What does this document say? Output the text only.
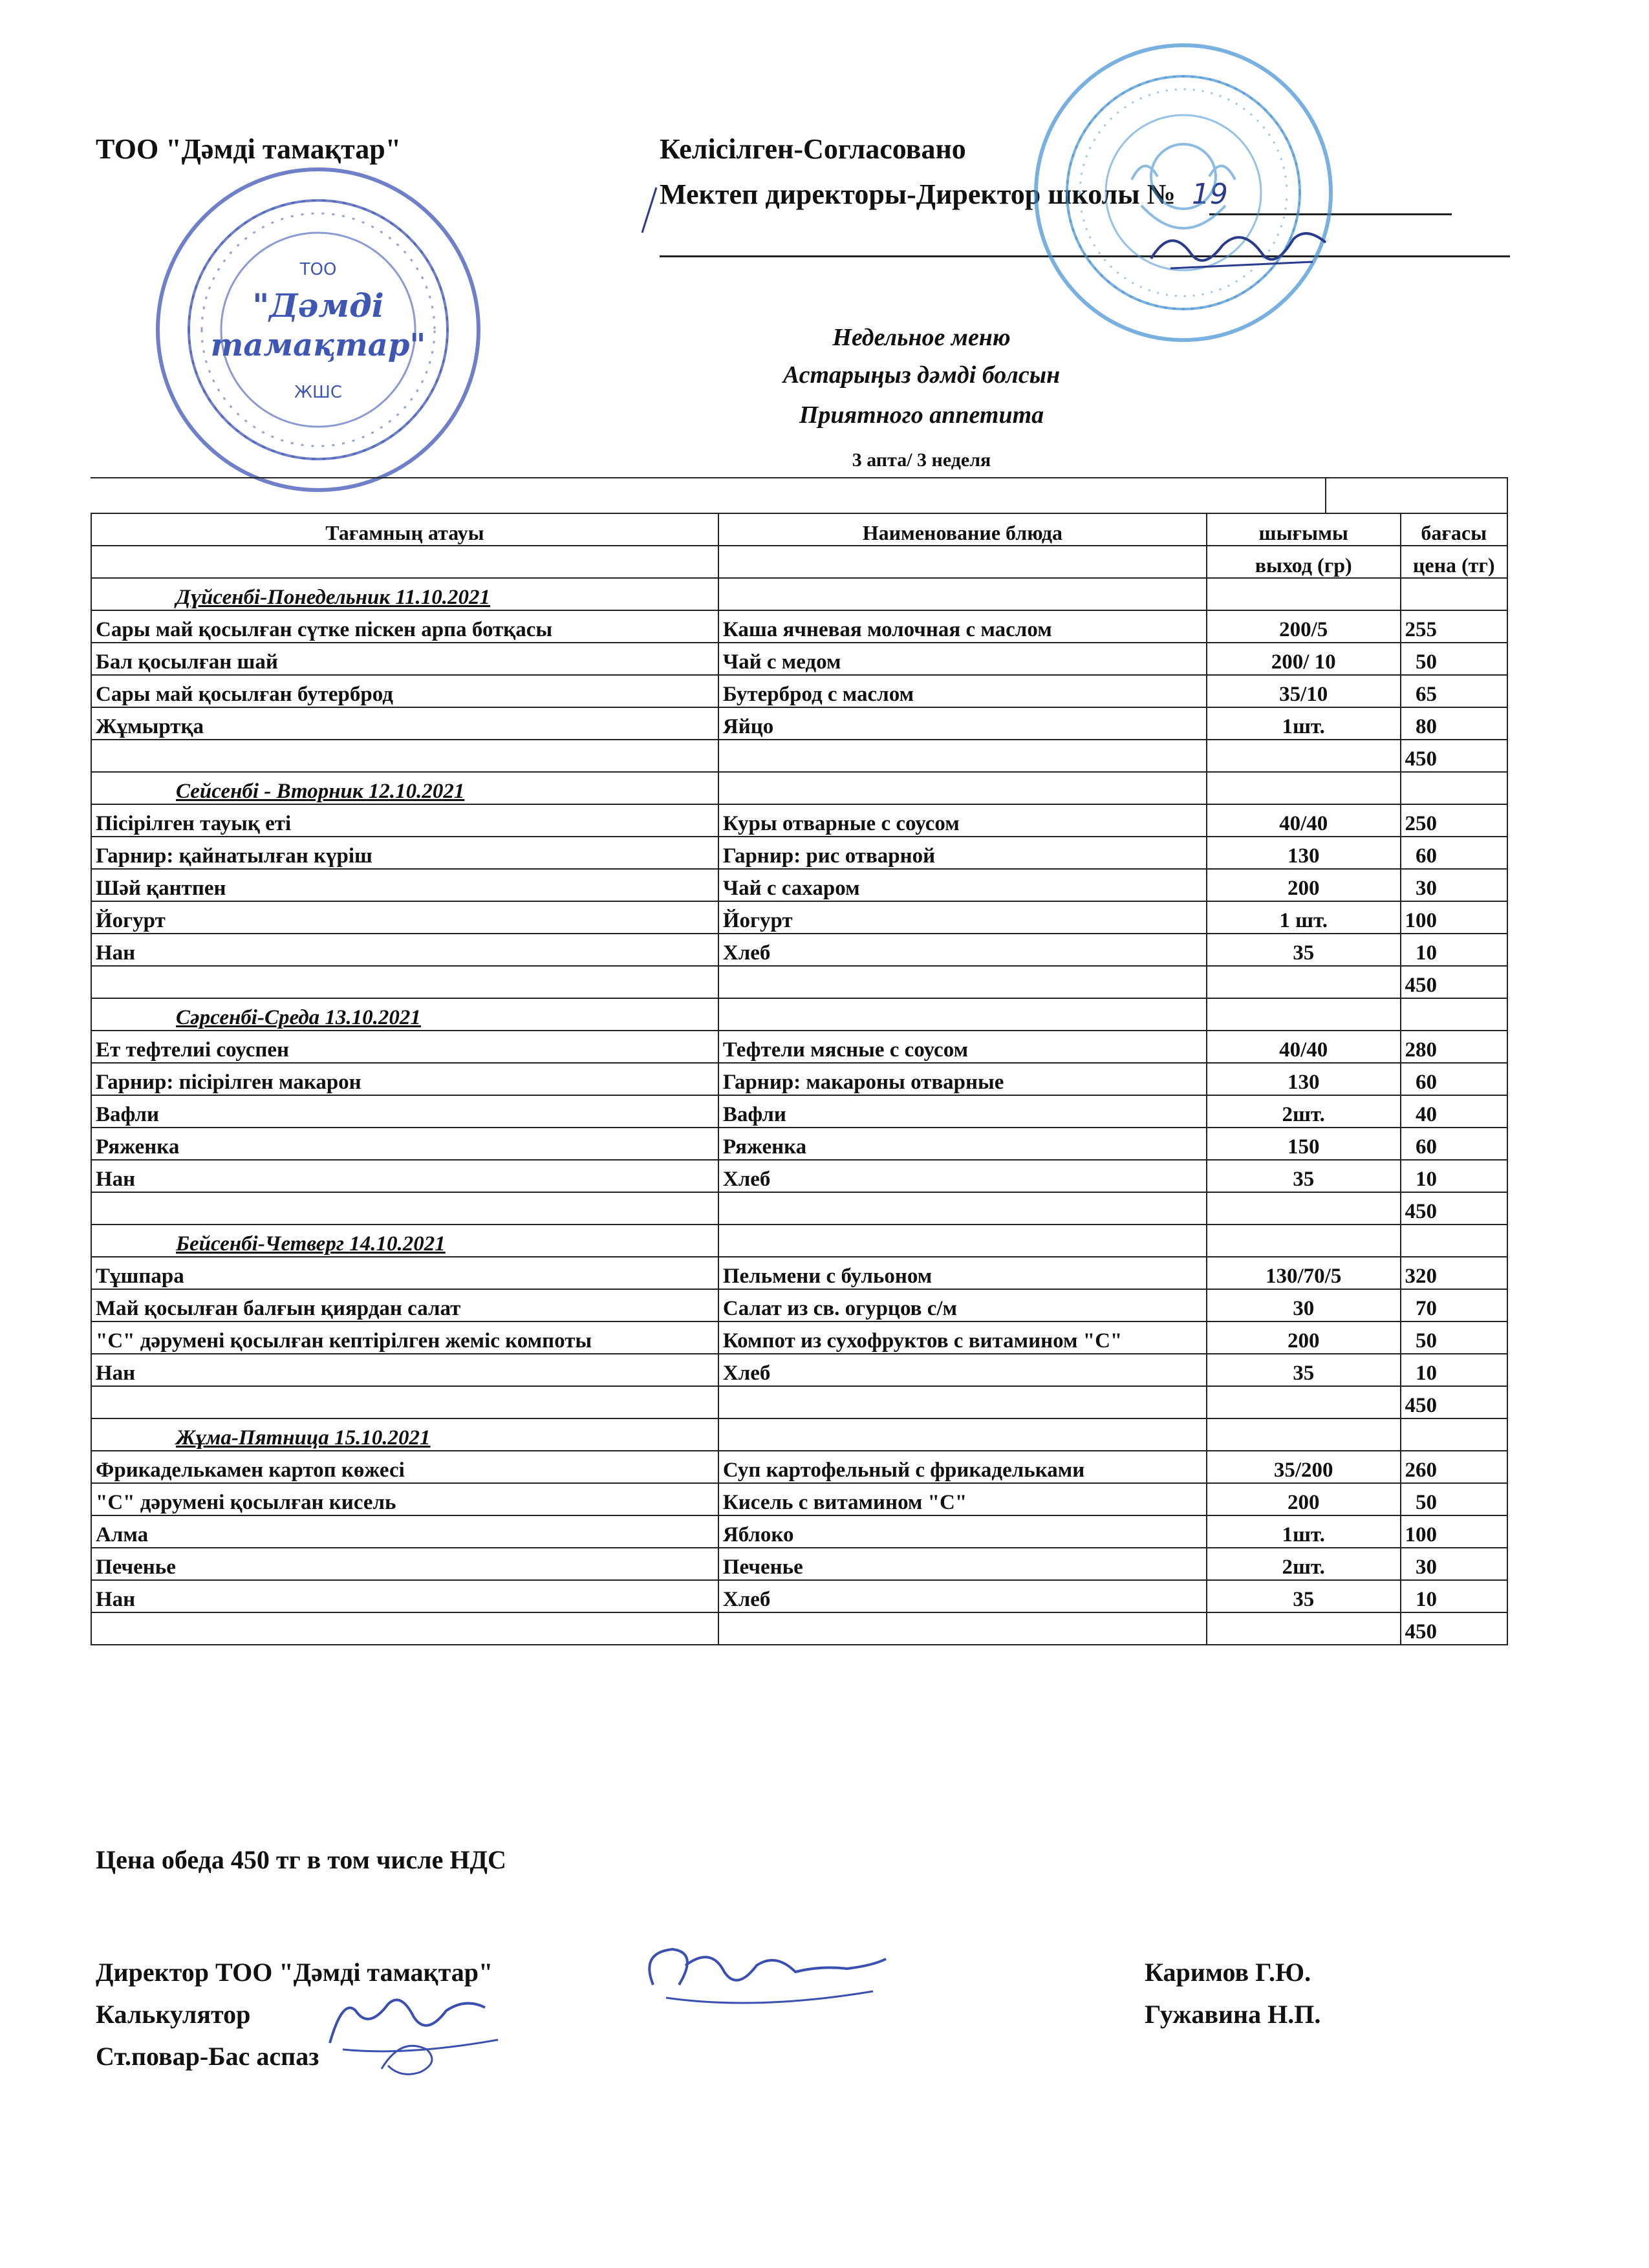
ТОО "Дәмді тамақтар"	Келісілген-Согласовано
Мектеп директоры-Директор школы № 19
ТОО
"Дәмді
тамақтар"
ЖШС
Недельное меню
Астарыңыз дәмді болсын
Приятного аппетита
3 апта/ 3 неделя
Тағамның атауы	Наименование блюда	шығымы	бағасы
		выход (гр)	цена (тг)
Дүйсенбі-Понедельник 11.10.2021			
Сары май қосылған сүтке піскен арпа ботқасы	Каша ячневая молочная с маслом	200/5	255
Бал қосылған шай	Чай с медом	200/ 10	50
Сары май қосылған бутерброд	Бутерброд с маслом	35/10	65
Жұмыртқа	Яйцо	1шт.	80
			450
Сейсенбі - Вторник 12.10.2021			
Пісірілген тауық еті	Куры отварные с соусом	40/40	250
Гарнир: қайнатылған күріш	Гарнир: рис отварной	130	60
Шәй қантпен	Чай с сахаром	200	30
Йогурт	Йогурт	1 шт.	100
Нан	Хлеб	35	10
			450
Сәрсенбі-Среда 13.10.2021			
Ет тефтелиі соуспен	Тефтели мясные с соусом	40/40	280
Гарнир: пісірілген макарон	Гарнир: макароны отварные	130	60
Вафли	Вафли	2шт.	40
Ряженка	Ряженка	150	60
Нан	Хлеб	35	10
			450
Бейсенбі-Четверг 14.10.2021			
Тұшпара	Пельмени с бульоном	130/70/5	320
Май қосылған балғын қиярдан салат	Салат из св. огурцов с/м	30	70
"С" дәрумені қосылған кептірілген жеміс компоты	Компот из сухофруктов с витамином "С"	200	50
Нан	Хлеб	35	10
			450
Жұма-Пятница 15.10.2021			
Фрикаделькамен картоп көжесі	Суп картофельный с фрикадельками	35/200	260
"С" дәрумені қосылған кисель	Кисель с витамином "С"	200	50
Алма	Яблоко	1шт.	100
Печенье	Печенье	2шт.	30
Нан	Хлеб	35	10
			450
Цена обеда 450 тг в том числе НДС
Директор ТОО "Дәмді тамақтар"	Каримов Г.Ю.
Калькулятор	Гужавина Н.П.
Ст.повар-Бас аспаз
